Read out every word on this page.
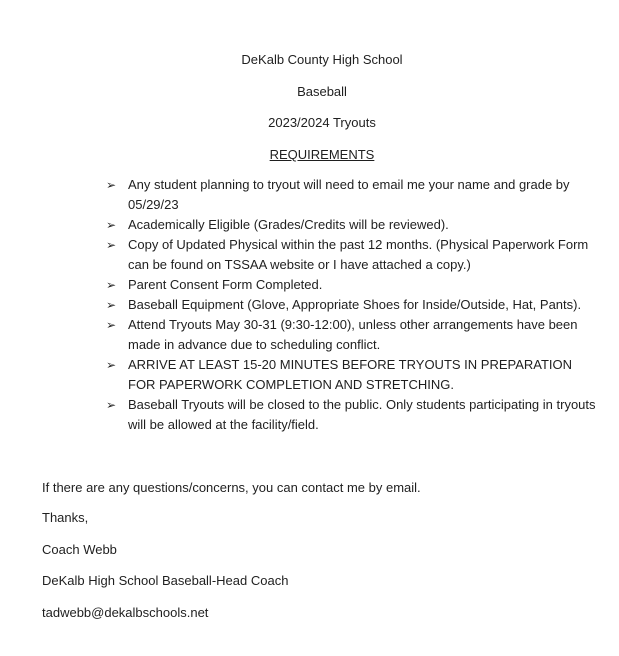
DeKalb County High School
Baseball
2023/2024 Tryouts
REQUIREMENTS
➢ Any student planning to tryout will need to email me your name and grade by 05/29/23
➢ Academically Eligible (Grades/Credits will be reviewed).
➢ Copy of Updated Physical within the past 12 months. (Physical Paperwork Form can be found on TSSAA website or I have attached a copy.)
➢ Parent Consent Form Completed.
➢ Baseball Equipment (Glove, Appropriate Shoes for Inside/Outside, Hat, Pants).
➢ Attend Tryouts May 30-31 (9:30-12:00), unless other arrangements have been made in advance due to scheduling conflict.
➢ ARRIVE AT LEAST 15-20 MINUTES BEFORE TRYOUTS IN PREPARATION FOR PAPERWORK COMPLETION AND STRETCHING.
➢ Baseball Tryouts will be closed to the public. Only students participating in tryouts will be allowed at the facility/field.
If there are any questions/concerns, you can contact me by email.
Thanks,
Coach Webb
DeKalb High School Baseball-Head Coach
tadwebb@dekalbschools.net
